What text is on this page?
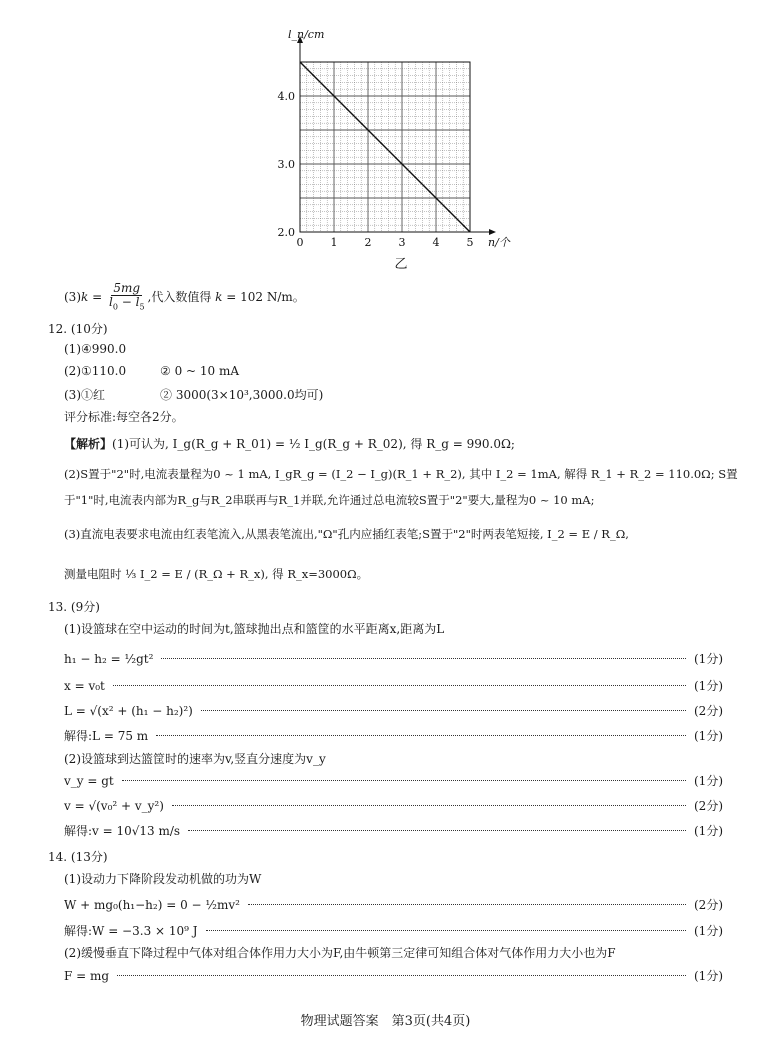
0 1 2 3 4 5
2.0
3.0
4.0
n/个
l_n/cm
乙
$(3)k = \frac{5mg}{l_0 - l_5}$ ,代入数值得 k = 102 N/m。
12. (10分)
(1)④990.0
(2)①110.0	② 0 ~ 10 mA
(3)①红	② 3000(3×10³,3000.0均可)
评分标准:每空各2分。
【解析】(1)可认为, I_g(R_g + R_01) = ½ I_g(R_g + R_02), 得 R_g = 990.0Ω;
(2)S置于"2"时,电流表量程为0 ~ 1 mA, I_gR_g = (I_2 − I_g)(R_1 + R_2), 其中 I_2 = 1mA, 解得 R_1 + R_2 = 110.0Ω; S置
于"1"时,电流表内部为R_g与R_2串联再与R_1并联,允许通过总电流较S置于"2"要大,量程为0 ~ 10 mA;
(3)直流电表要求电流由红表笔流入,从黑表笔流出,"Ω"孔内应插红表笔;S置于"2"时两表笔短接, I_2 = E / R_Ω,
测量电阻时 ⅓ I_2 = E / (R_Ω + R_x), 得 R_x=3000Ω。
13. (9分)
(1)设篮球在空中运动的时间为t,篮球抛出点和篮筐的水平距离x,距离为L
h₁ − h₂ = ½gt²	(1分)
x = v₀t	(1分)
L = √(x² + (h₁ − h₂)²)	(2分)
解得:L = 75 m	(1分)
(2)设篮球到达篮筐时的速率为v,竖直分速度为v_y
v_y = gt	(1分)
v = √(v₀² + v_y²)	(2分)
解得:v = 10√13 m/s	(1分)
14. (13分)
(1)设动力下降阶段发动机做的功为W
W + mg₀(h₁−h₂) = 0 − ½mv²	(2分)
解得:W = −3.3 × 10⁹ J	(1分)
(2)缓慢垂直下降过程中气体对组合体作用力大小为F,由牛顿第三定律可知组合体对气体作用力大小也为F
F = mg	(1分)
物理试题答案　第3页(共4页)
